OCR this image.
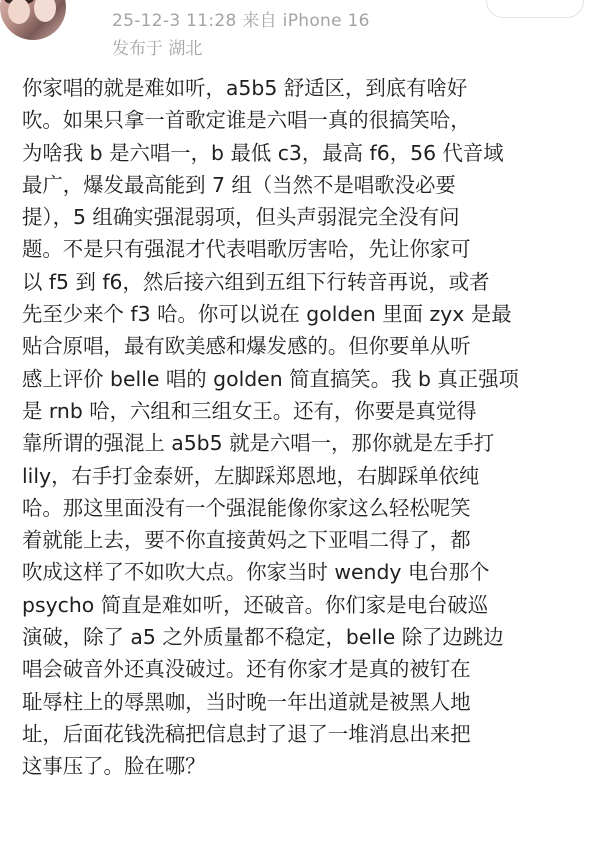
25-12-3 11:28 来自 iPhone 16
发布于 湖北
你家唱的就是难如听，a5b5 舒适区，到底有啥好
吹。如果只拿一首歌定谁是六唱一真的很搞笑哈，
为啥我 b 是六唱一，b 最低 c3，最高 f6，56 代音域
最广，爆发最高能到 7 组（当然不是唱歌没必要
提），5 组确实强混弱项，但头声弱混完全没有问
题。不是只有强混才代表唱歌厉害哈，先让你家可
以 f5 到 f6，然后接六组到五组下行转音再说，或者
先至少来个 f3 哈。你可以说在 golden 里面 zyx 是最
贴合原唱，最有欧美感和爆发感的。但你要单从听
感上评价 belle 唱的 golden 简直搞笑。我 b 真正强项
是 rnb 哈，六组和三组女王。还有，你要是真觉得
靠所谓的强混上 a5b5 就是六唱一，那你就是左手打
lily，右手打金泰妍，左脚踩郑恩地，右脚踩单依纯
哈。那这里面没有一个强混能像你家这么轻松呢笑
着就能上去，要不你直接黄妈之下亚唱二得了，都
吹成这样了不如吹大点。你家当时 wendy 电台那个
psycho 简直是难如听，还破音。你们家是电台破巡
演破，除了 a5 之外质量都不稳定，belle 除了边跳边
唱会破音外还真没破过。还有你家才是真的被钉在
耻辱柱上的辱黑咖，当时晚一年出道就是被黑人地
址，后面花钱洗稿把信息封了退了一堆消息出来把
这事压了。脸在哪？
